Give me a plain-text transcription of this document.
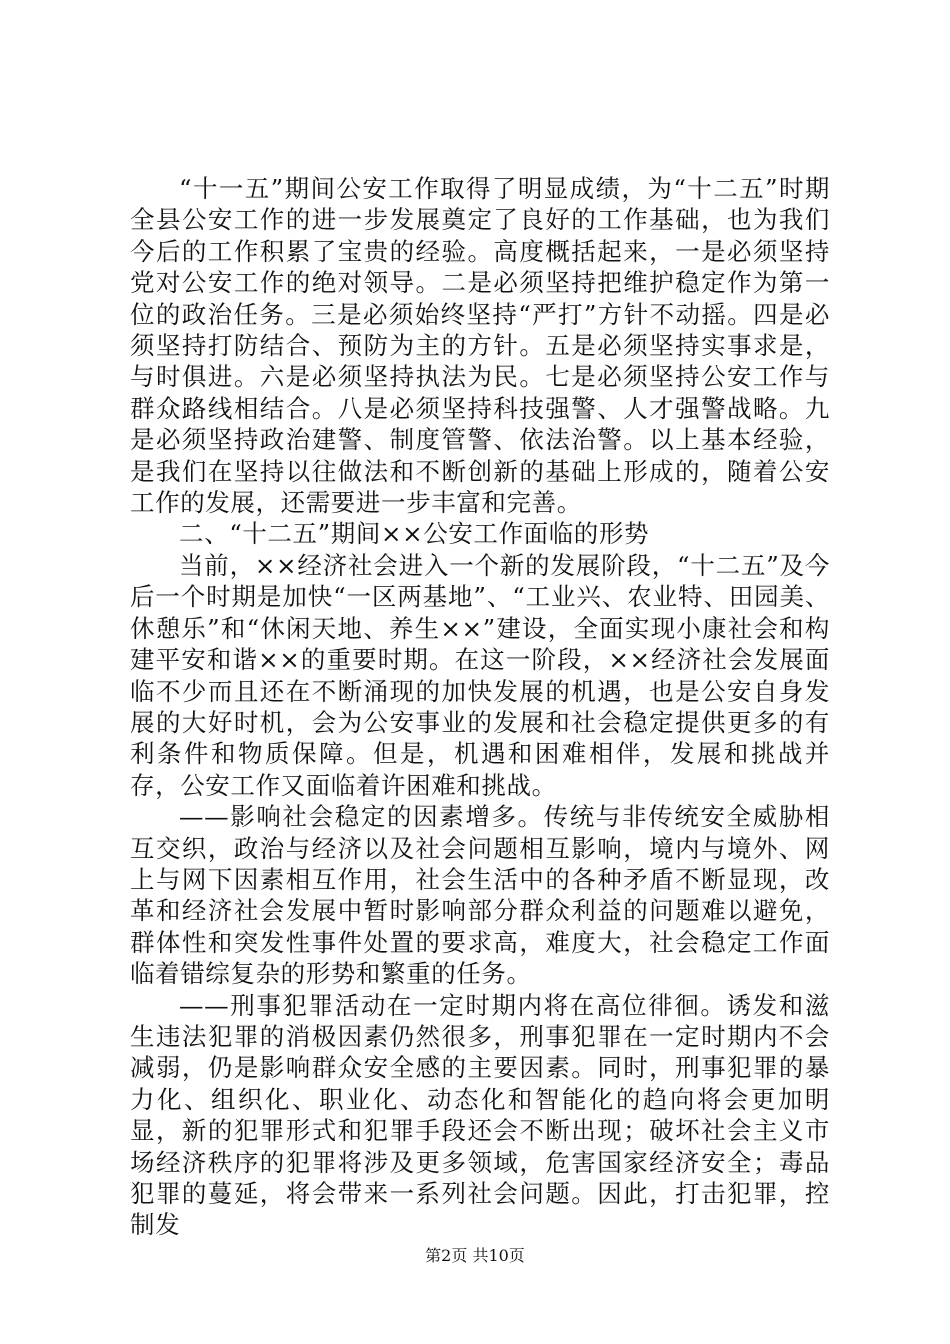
“十一五”期间公安工作取得了明显成绩，为“十二五”时期全县公安工作的进一步发展奠定了良好的工作基础，也为我们今后的工作积累了宝贵的经验。高度概括起来，一是必须坚持党对公安工作的绝对领导。二是必须坚持把维护稳定作为第一位的政治任务。三是必须始终坚持“严打”方针不动摇。四是必须坚持打防结合、预防为主的方针。五是必须坚持实事求是，与时俱进。六是必须坚持执法为民。七是必须坚持公安工作与群众路线相结合。八是必须坚持科技强警、人才强警战略。九是必须坚持政治建警、制度管警、依法治警。以上基本经验，是我们在坚持以往做法和不断创新的基础上形成的，随着公安工作的发展，还需要进一步丰富和完善。

二、“十二五”期间××公安工作面临的形势

当前，××经济社会进入一个新的发展阶段，“十二五”及今后一个时期是加快“一区两基地”、“工业兴、农业特、田园美、休憩乐”和“休闲天地、养生××”建设，全面实现小康社会和构建平安和谐××的重要时期。在这一阶段，××经济社会发展面临不少而且还在不断涌现的加快发展的机遇，也是公安自身发展的大好时机，会为公安事业的发展和社会稳定提供更多的有利条件和物质保障。但是，机遇和困难相伴，发展和挑战并存，公安工作又面临着许困难和挑战。

——影响社会稳定的因素增多。传统与非传统安全威胁相互交织，政治与经济以及社会问题相互影响，境内与境外、网上与网下因素相互作用，社会生活中的各种矛盾不断显现，改革和经济社会发展中暂时影响部分群众利益的问题难以避免，群体性和突发性事件处置的要求高，难度大，社会稳定工作面临着错综复杂的形势和繁重的任务。

——刑事犯罪活动在一定时期内将在高位徘徊。诱发和滋生违法犯罪的消极因素仍然很多，刑事犯罪在一定时期内不会减弱，仍是影响群众安全感的主要因素。同时，刑事犯罪的暴力化、组织化、职业化、动态化和智能化的趋向将会更加明显，新的犯罪形式和犯罪手段还会不断出现；破坏社会主义市场经济秩序的犯罪将涉及更多领域，危害国家经济安全；毒品犯罪的蔓延，将会带来一系列社会问题。因此，打击犯罪，控制发

第2页 共10页
